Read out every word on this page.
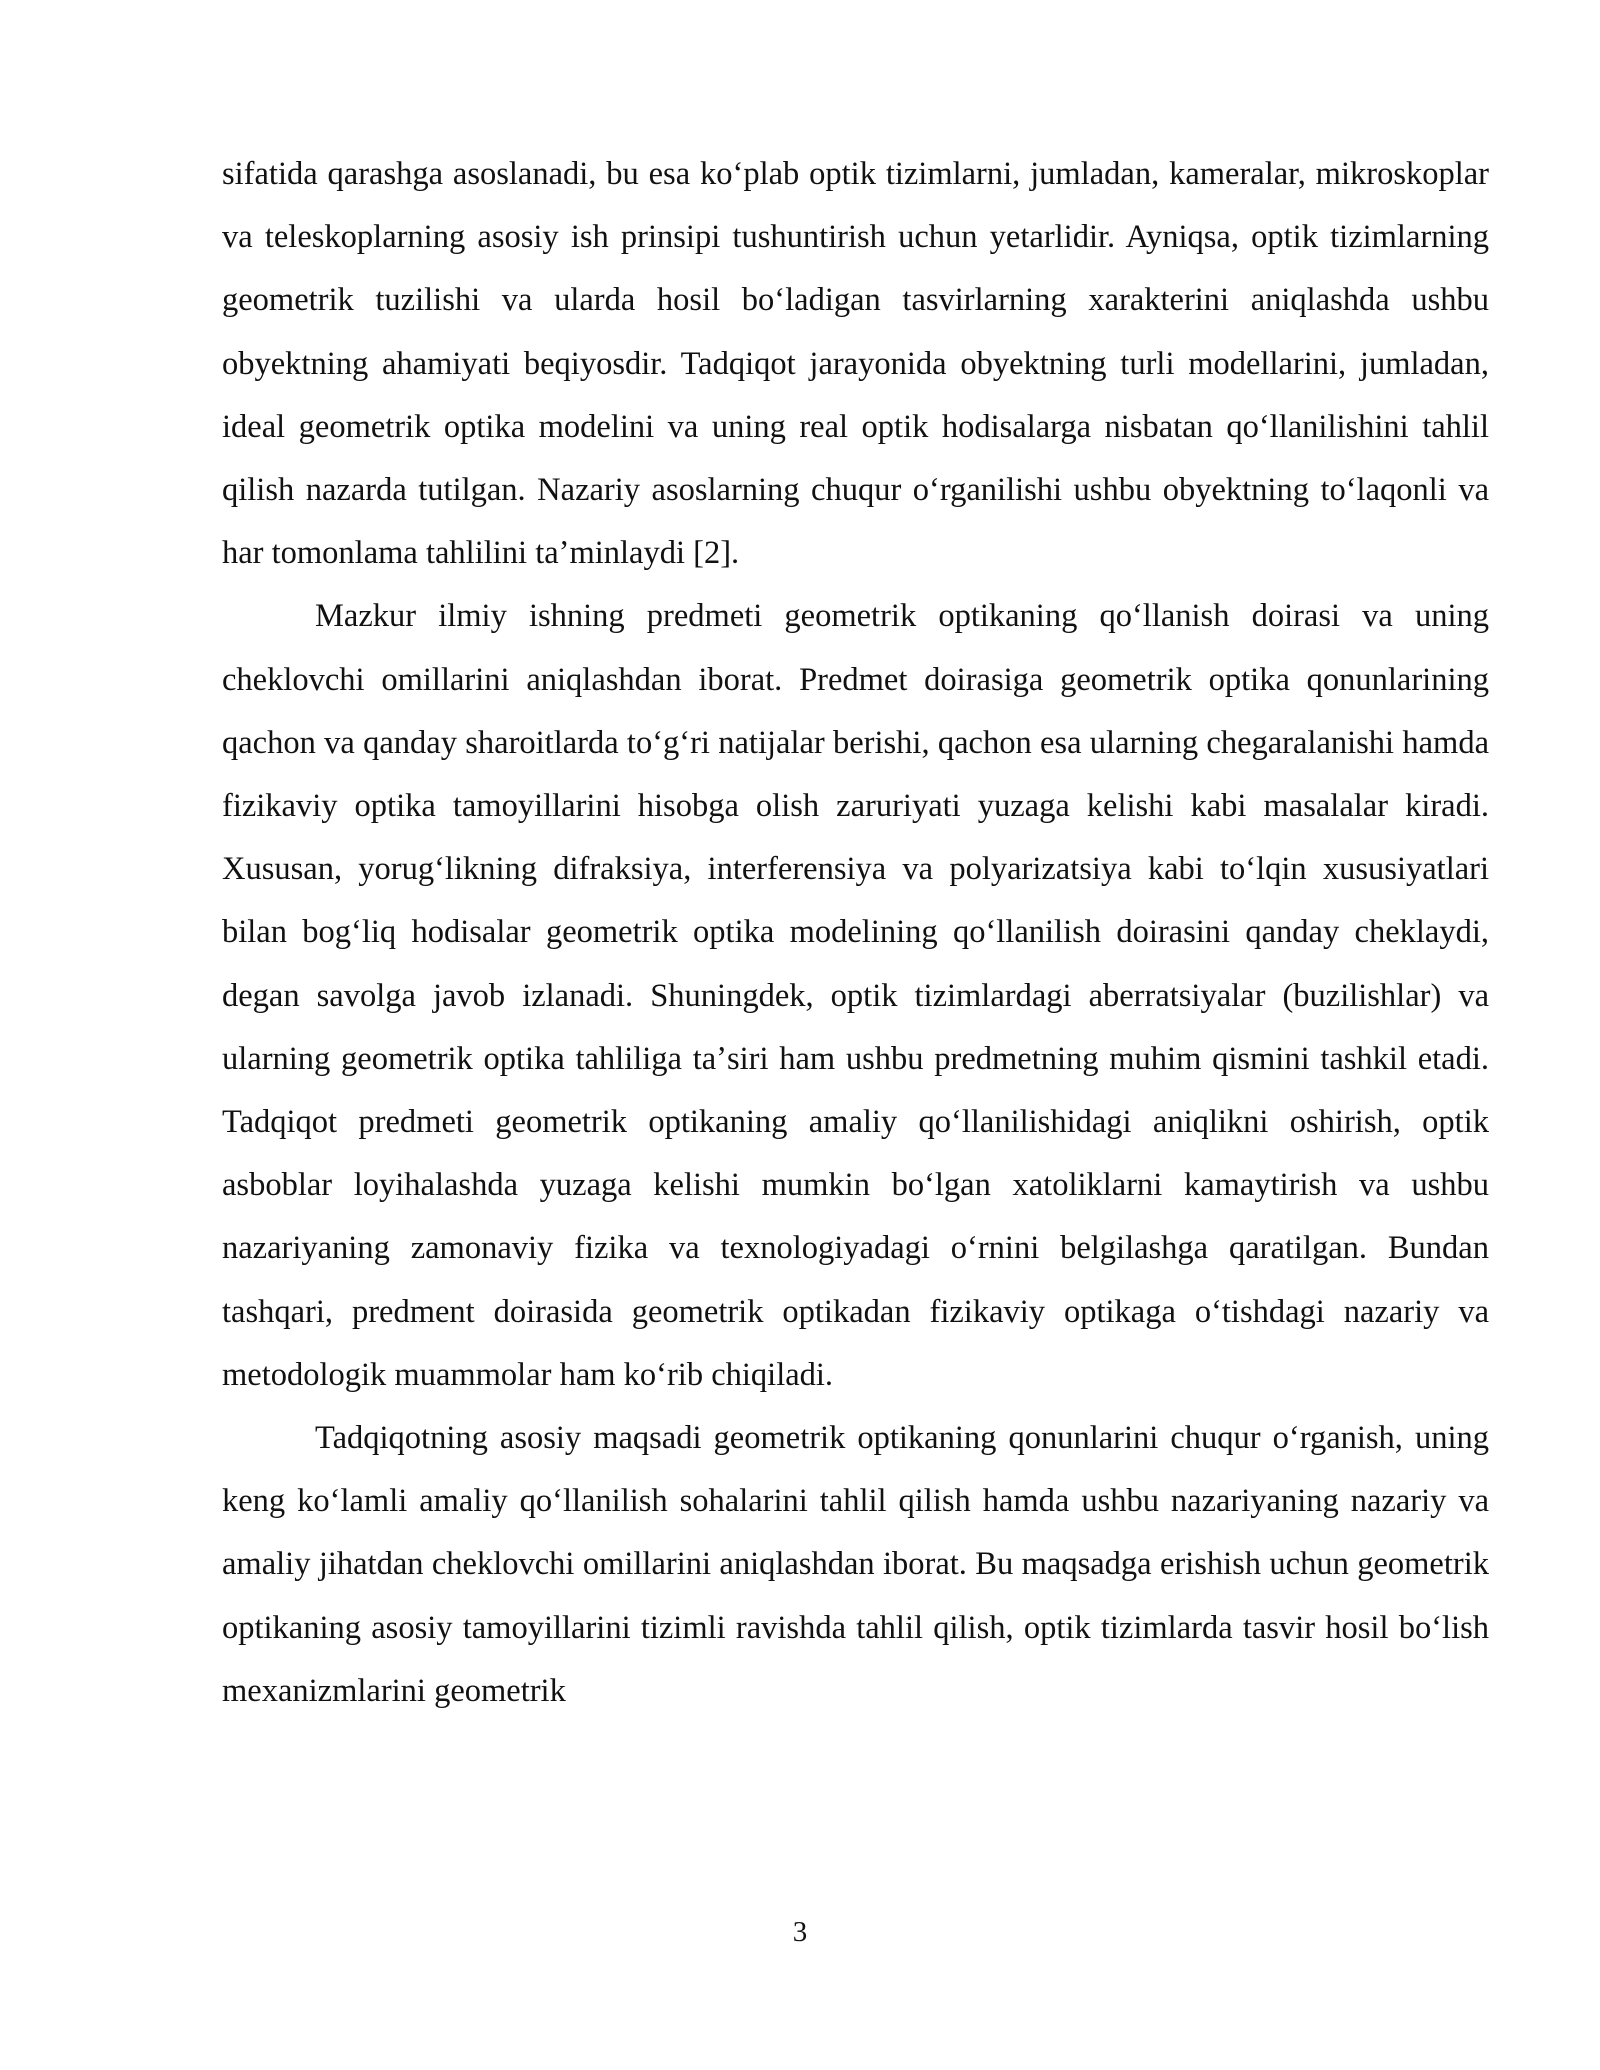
sifatida qarashga asoslanadi, bu esa koʻplab optik tizimlarni, jumladan, kameralar, mikroskoplar va teleskoplarning asosiy ish prinsipi tushuntirish uchun yetarlidir. Ayniqsa, optik tizimlarning geometrik tuzilishi va ularda hosil boʻladigan tasvirlarning xarakterini aniqlashda ushbu obyektning ahamiyati beqiyosdir. Tadqiqot jarayonida obyektning turli modellarini, jumladan, ideal geometrik optika modelini va uning real optik hodisalarga nisbatan qoʻllanilishini tahlil qilish nazarda tutilgan. Nazariy asoslarning chuqur oʻrganilishi ushbu obyektning toʻlaqonli va har tomonlama tahlilini taʼminlaydi [2].

Mazkur ilmiy ishning predmeti geometrik optikaning qoʻllanish doirasi va uning cheklovchi omillarini aniqlashdan iborat. Predmet doirasiga geometrik optika qonunlarining qachon va qanday sharoitlarda toʻgʻri natijalar berishi, qachon esa ularning chegaralanishi hamda fizikaviy optika tamoyillarini hisobga olish zaruriyati yuzaga kelishi kabi masalalar kiradi. Xususan, yorugʻlikning difraksiya, interferensiya va polyarizatsiya kabi toʻlqin xususiyatlari bilan bogʻliq hodisalar geometrik optika modelining qoʻllanilish doirasini qanday cheklaydi, degan savolga javob izlanadi. Shuningdek, optik tizimlardagi aberratsiyalar (buzilishlar) va ularning geometrik optika tahliliga taʼsiri ham ushbu predmetning muhim qismini tashkil etadi. Tadqiqot predmeti geometrik optikaning amaliy qoʻllanilishidagi aniqlikni oshirish, optik asboblar loyihalashda yuzaga kelishi mumkin boʻlgan xatoliklarni kamaytirish va ushbu nazariyaning zamonaviy fizika va texnologiyadagi oʻrnini belgilashga qaratilgan. Bundan tashqari, predment doirasida geometrik optikadan fizikaviy optikaga oʻtishdagi nazariy va metodologik muammolar ham koʻrib chiqiladi.

Tadqiqotning asosiy maqsadi geometrik optikaning qonunlarini chuqur oʻrganish, uning keng koʻlamli amaliy qoʻllanilish sohalarini tahlil qilish hamda ushbu nazariyaning nazariy va amaliy jihatdan cheklovchi omillarini aniqlashdan iborat. Bu maqsadga erishish uchun geometrik optikaning asosiy tamoyillarini tizimli ravishda tahlil qilish, optik tizimlarda tasvir hosil boʻlish mexanizmlarini geometrik

3
